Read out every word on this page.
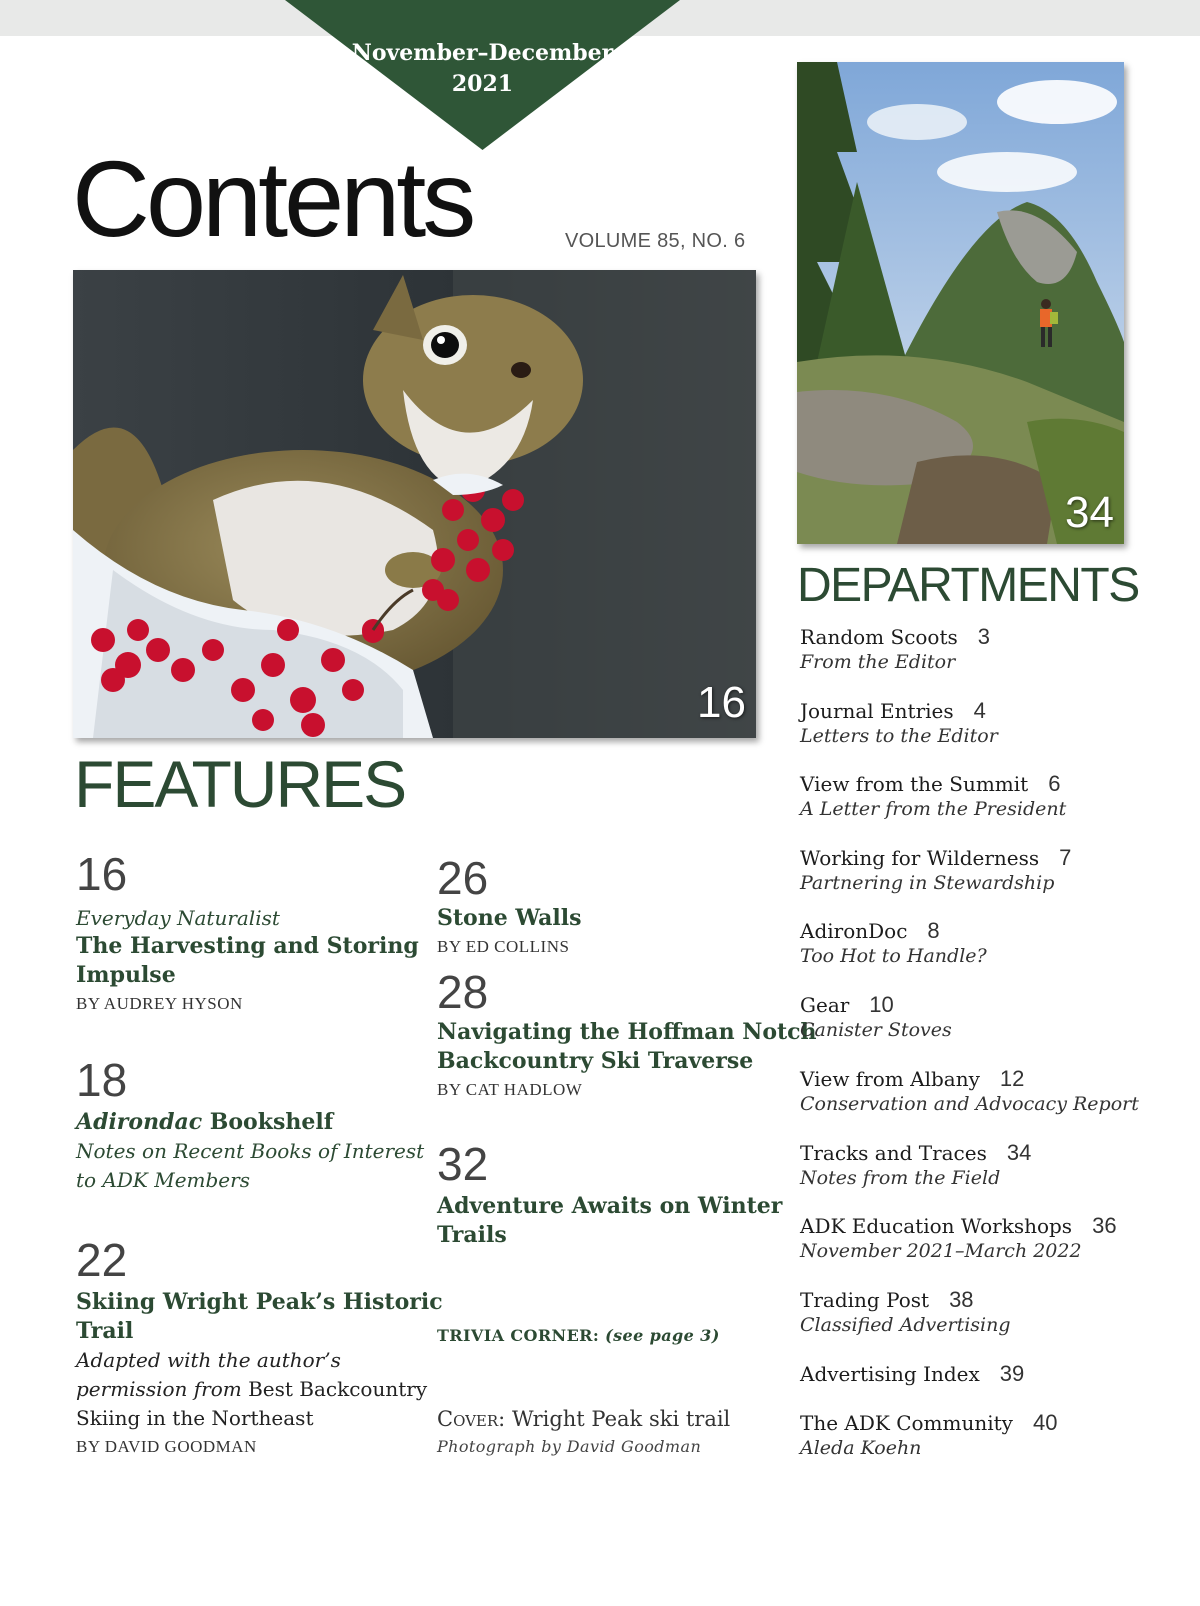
November–December
2021
Contents	VOLUME 85, NO. 6
16
34
FEATURES
DEPARTMENTS
16
Everyday Naturalist
The Harvesting and Storing
Impulse
BY AUDREY HYSON
18
Adirondac Bookshelf
Notes on Recent Books of Interest
to ADK Members
22
Skiing Wright Peak’s Historic
Trail
Adapted with the author’s
permission from Best Backcountry
Skiing in the Northeast
BY DAVID GOODMAN
26
Stone Walls
BY ED COLLINS
28
Navigating the Hoffman Notch
Backcountry Ski Traverse
BY CAT HADLOW
32
Adventure Awaits on Winter
Trails
TRIVIA CORNER: (see page 3)
Cover: Wright Peak ski trail
Photograph by David Goodman
Random Scoots 3
From the Editor
Journal Entries 4
Letters to the Editor
View from the Summit 6
A Letter from the President
Working for Wilderness 7
Partnering in Stewardship
AdironDoc 8
Too Hot to Handle?
Gear 10
Canister Stoves
View from Albany 12
Conservation and Advocacy Report
Tracks and Traces 34
Notes from the Field
ADK Education Workshops 36
November 2021–March 2022
Trading Post 38
Classified Advertising
Advertising Index 39
The ADK Community 40
Aleda Koehn
